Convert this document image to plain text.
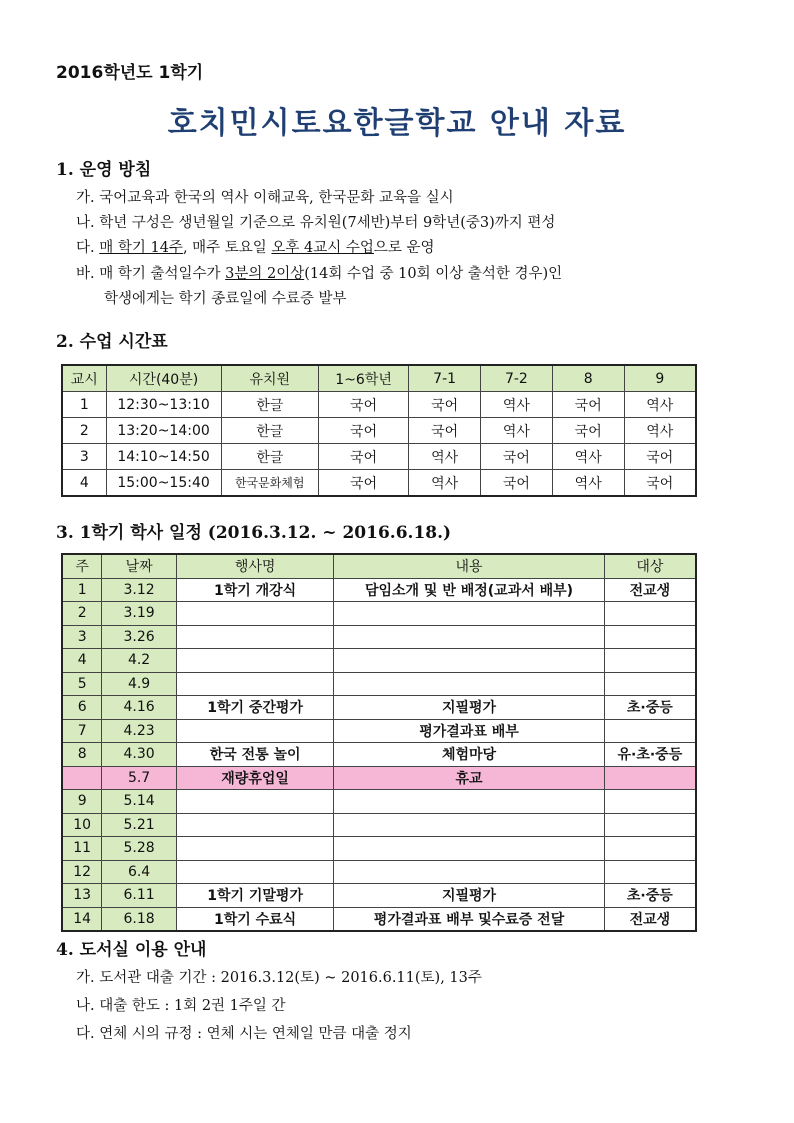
2016학년도 1학기
호치민시토요한글학교 안내 자료
1. 운영 방침
가. 국어교육과 한국의 역사 이해교육, 한국문화 교육을 실시
나. 학년 구성은 생년월일 기준으로 유치원(7세반)부터 9학년(중3)까지 편성
다. 매 학기 14주, 매주 토요일 오후 4교시 수업으로 운영
바. 매 학기 출석일수가 3분의 2이상(14회 수업 중 10회 이상 출석한 경우)인
학생에게는 학기 종료일에 수료증 발부
2. 수업 시간표
교시	시간(40분)	유치원	1~6학년	7-1	7-2	8	9
1	12:30~13:10	한글	국어	국어	역사	국어	역사
2	13:20~14:00	한글	국어	국어	역사	국어	역사
3	14:10~14:50	한글	국어	역사	국어	역사	국어
4	15:00~15:40	한국문화체험	국어	역사	국어	역사	국어
3. 1학기 학사 일정 (2016.3.12. ~ 2016.6.18.)
주	날짜	행사명	내용	대상
1	3.12	1학기 개강식	담임소개 및 반 배정(교과서 배부)	전교생
2	3.19			
3	3.26			
4	4.2			
5	4.9			
6	4.16	1학기 중간평가	지필평가	초·중등
7	4.23		평가결과표 배부	
8	4.30	한국 전통 놀이	체험마당	유·초·중등
	5.7	재량휴업일	휴교	
9	5.14			
10	5.21			
11	5.28			
12	6.4			
13	6.11	1학기 기말평가	지필평가	초·중등
14	6.18	1학기 수료식	평가결과표 배부 및수료증 전달	전교생
4. 도서실 이용 안내
가. 도서관 대출 기간 : 2016.3.12(토) ~ 2016.6.11(토), 13주
나. 대출 한도 : 1회 2권 1주일 간
다. 연체 시의 규정 : 연체 시는 연체일 만큼 대출 정지
